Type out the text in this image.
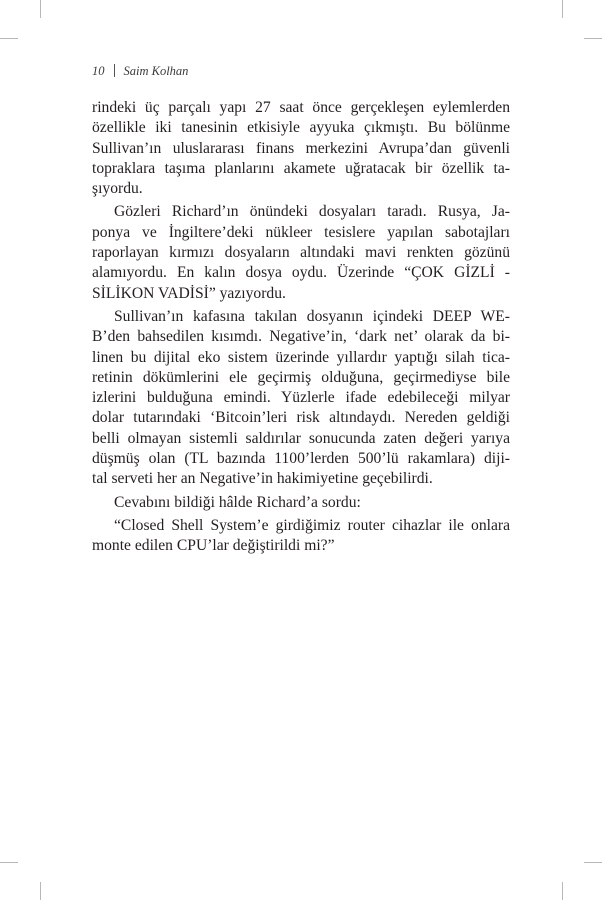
10 Saim Kolhan
rindeki üç parçalı yapı 27 saat önce gerçekleşen eylemlerden
özellikle iki tanesinin etkisiyle ayyuka çıkmıştı. Bu bölünme
Sullivan’ın uluslararası finans merkezini Avrupa’dan güvenli
topraklara taşıma planlarını akamete uğratacak bir özellik ta-
şıyordu.
Gözleri Richard’ın önündeki dosyaları taradı. Rusya, Ja-
ponya ve İngiltere’deki nükleer tesislere yapılan sabotajları
raporlayan kırmızı dosyaların altındaki mavi renkten gözünü
alamıyordu. En kalın dosya oydu. Üzerinde “ÇOK GİZLİ -
SİLİKON VADİSİ” yazıyordu.
Sullivan’ın kafasına takılan dosyanın içindeki DEEP WE-
B’den bahsedilen kısımdı. Negative’in, ‘dark net’ olarak da bi-
linen bu dijital eko sistem üzerinde yıllardır yaptığı silah tica-
retinin dökümlerini ele geçirmiş olduğuna, geçirmediyse bile
izlerini bulduğuna emindi. Yüzlerle ifade edebileceği milyar
dolar tutarındaki ‘Bitcoin’leri risk altındaydı. Nereden geldiği
belli olmayan sistemli saldırılar sonucunda zaten değeri yarıya
düşmüş olan (TL bazında 1100’lerden 500’lü rakamlara) diji-
tal serveti her an Negative’in hakimiyetine geçebilirdi.
Cevabını bildiği hâlde Richard’a sordu:
“Closed Shell System’e girdiğimiz router cihazlar ile onlara
monte edilen CPU’lar değiştirildi mi?”
